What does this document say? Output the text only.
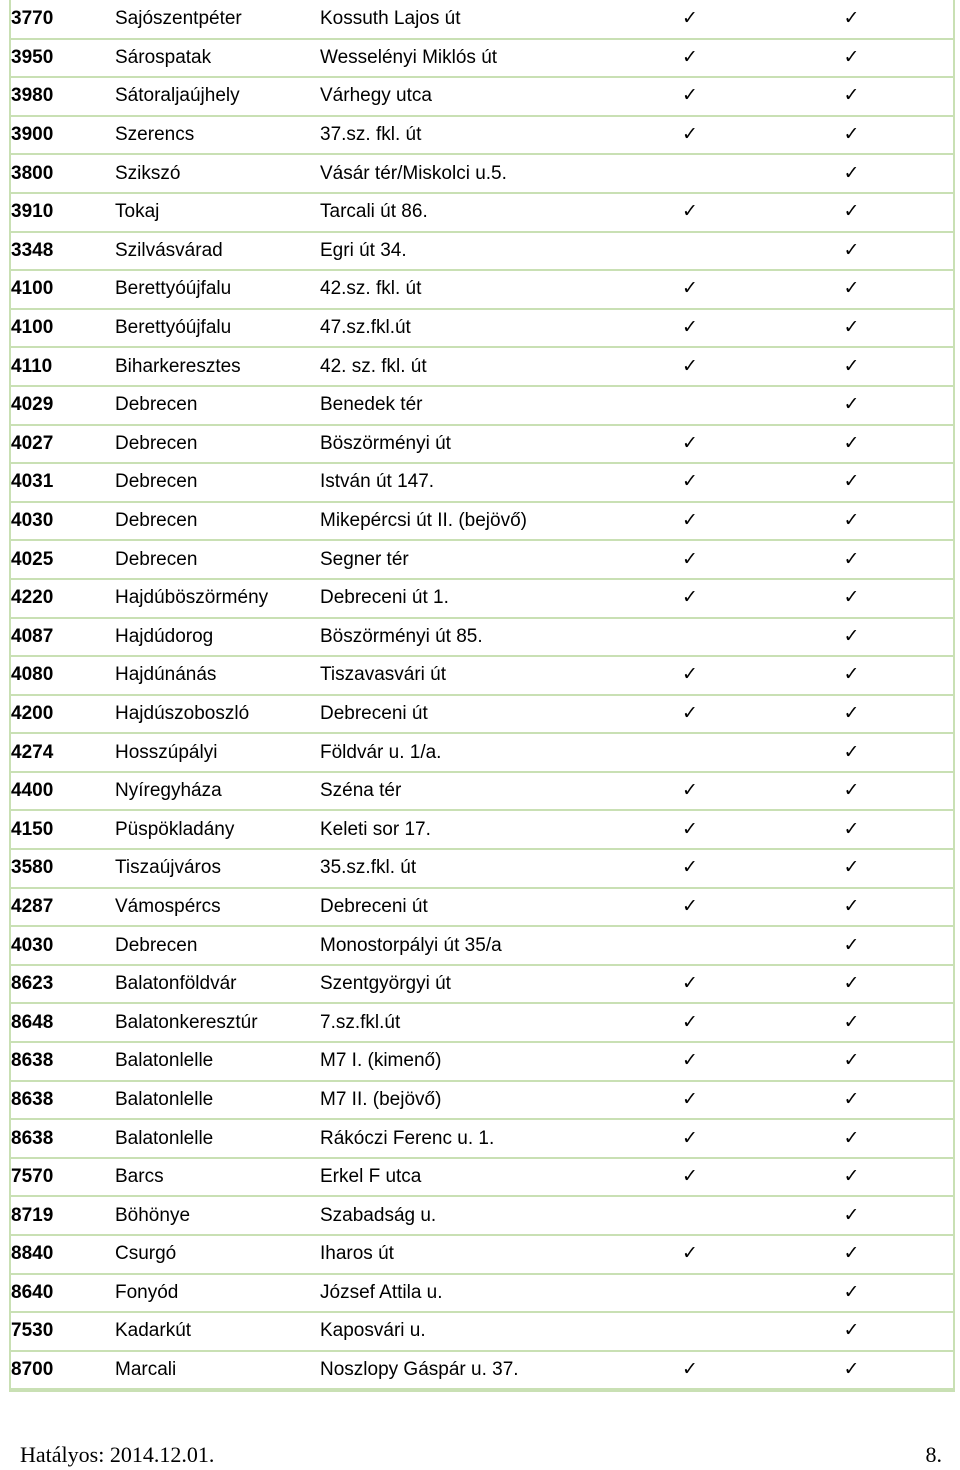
3770	Sajószentpéter	Kossuth Lajos út	✓	✓
3950	Sárospatak	Wesselényi Miklós út	✓	✓
3980	Sátoraljaújhely	Várhegy utca	✓	✓
3900	Szerencs	37.sz. fkl. út	✓	✓
3800	Szikszó	Vásár tér/Miskolci u.5.		✓
3910	Tokaj	Tarcali út 86.	✓	✓
3348	Szilvásvárad	Egri út 34.		✓
4100	Berettyóújfalu	42.sz. fkl. út	✓	✓
4100	Berettyóújfalu	47.sz.fkl.út	✓	✓
4110	Biharkeresztes	42. sz. fkl. út	✓	✓
4029	Debrecen	Benedek tér		✓
4027	Debrecen	Böszörményi út	✓	✓
4031	Debrecen	István út 147.	✓	✓
4030	Debrecen	Mikepércsi út II. (bejövő)	✓	✓
4025	Debrecen	Segner tér	✓	✓
4220	Hajdúböszörmény	Debreceni út 1.	✓	✓
4087	Hajdúdorog	Böszörményi út 85.		✓
4080	Hajdúnánás	Tiszavasvári út	✓	✓
4200	Hajdúszoboszló	Debreceni út	✓	✓
4274	Hosszúpályi	Földvár u. 1/a.		✓
4400	Nyíregyháza	Széna tér	✓	✓
4150	Püspökladány	Keleti sor 17.	✓	✓
3580	Tiszaújváros	35.sz.fkl. út	✓	✓
4287	Vámospércs	Debreceni út	✓	✓
4030	Debrecen	Monostorpályi út 35/a		✓
8623	Balatonföldvár	Szentgyörgyi út	✓	✓
8648	Balatonkeresztúr	7.sz.fkl.út	✓	✓
8638	Balatonlelle	M7 I. (kimenő)	✓	✓
8638	Balatonlelle	M7 II. (bejövő)	✓	✓
8638	Balatonlelle	Rákóczi Ferenc u. 1.	✓	✓
7570	Barcs	Erkel F utca	✓	✓
8719	Böhönye	Szabadság u.		✓
8840	Csurgó	Iharos út	✓	✓
8640	Fonyód	József Attila u.		✓
7530	Kadarkút	Kaposvári u.		✓
8700	Marcali	Noszlopy Gáspár u. 37.	✓	✓
Hatályos: 2014.12.01.	8.
